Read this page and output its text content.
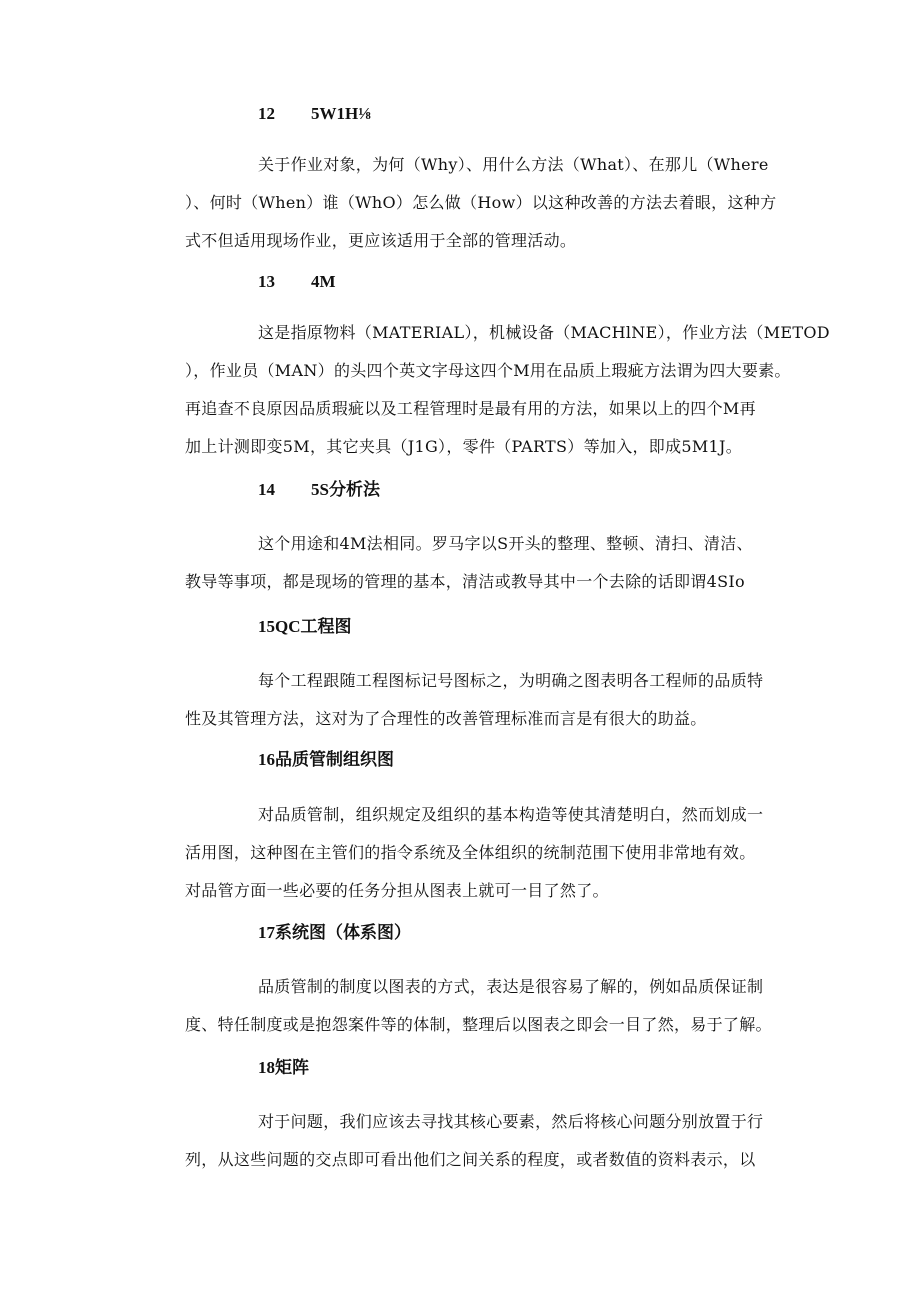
12 5W1H⅛
关于作业对象，为何（Why）、用什么方法（What）、在那儿（Where
）、何时（When）谁（WhO）怎么做（How）以这种改善的方法去着眼，这种方
式不但适用现场作业，更应该适用于全部的管理活动。
13 4M
这是指原物料（MATERIAL），机械设备（MACHlNE），作业方法（METOD
），作业员（MAN）的头四个英文字母这四个M用在品质上瑕疵方法谓为四大要素。
再追查不良原因品质瑕疵以及工程管理时是最有用的方法，如果以上的四个M再
加上计测即变5M，其它夹具（J1G），零件（PARTS）等加入，即成5M1J。
14 5S分析法
这个用途和4M法相同。罗马字以S开头的整理、整顿、清扫、清洁、
教导等事项，都是现场的管理的基本，清洁或教导其中一个去除的话即谓4SIo
15QC工程图
每个工程跟随工程图标记号图标之，为明确之图表明各工程师的品质特
性及其管理方法，这对为了合理性的改善管理标准而言是有很大的助益。
16品质管制组织图
对品质管制，组织规定及组织的基本构造等使其清楚明白，然而划成一
活用图，这种图在主管们的指令系统及全体组织的统制范围下使用非常地有效。
对品管方面一些必要的任务分担从图表上就可一目了然了。
17系统图（体系图）
品质管制的制度以图表的方式，表达是很容易了解的，例如品质保证制
度、特任制度或是抱怨案件等的体制，整理后以图表之即会一目了然，易于了解。
18矩阵
对于问题，我们应该去寻找其核心要素，然后将核心问题分别放置于行
列，从这些问题的交点即可看出他们之间关系的程度，或者数值的资料表示，以
